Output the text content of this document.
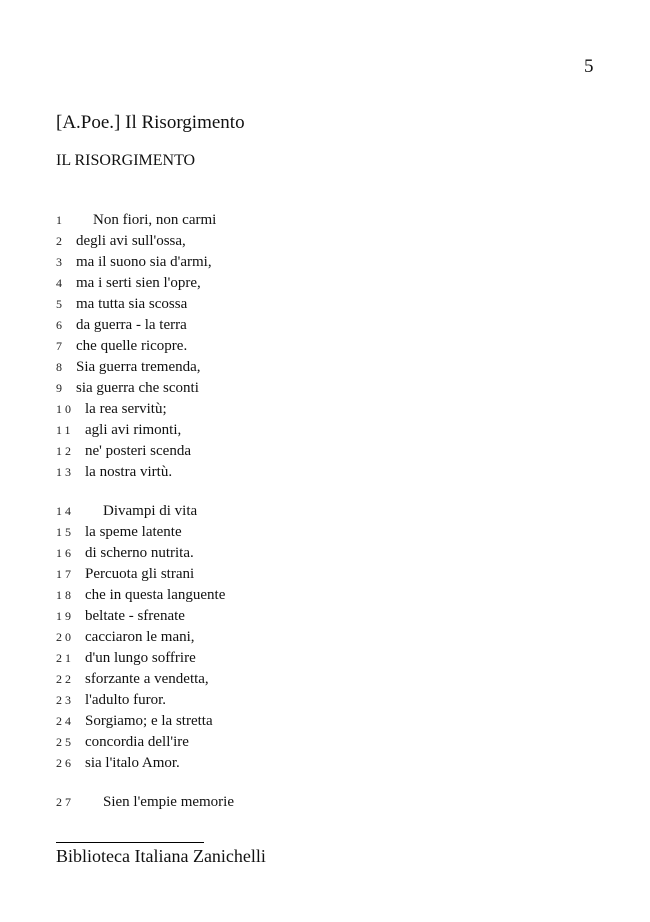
5
[A.Poe.] Il Risorgimento
IL RISORGIMENTO
1 Non fiori, non carmi
2 degli avi sull'ossa,
3 ma il suono sia d'armi,
4 ma i serti sien l'opre,
5 ma tutta sia scossa
6 da guerra - la terra
7 che quelle ricopre.
8 Sia guerra tremenda,
9 sia guerra che sconti
10 la rea servitù;
11 agli avi rimonti,
12 ne' posteri scenda
13 la nostra virtù.
14 Divampi di vita
15 la speme latente
16 di scherno nutrita.
17 Percuota gli strani
18 che in questa languente
19 beltate - sfrenate
20 cacciaron le mani,
21 d'un lungo soffrire
22 sforzante a vendetta,
23 l'adulto furor.
24 Sorgiamo; e la stretta
25 concordia dell'ire
26 sia l'italo Amor.
27 Sien l'empie memorie
Biblioteca Italiana Zanichelli
